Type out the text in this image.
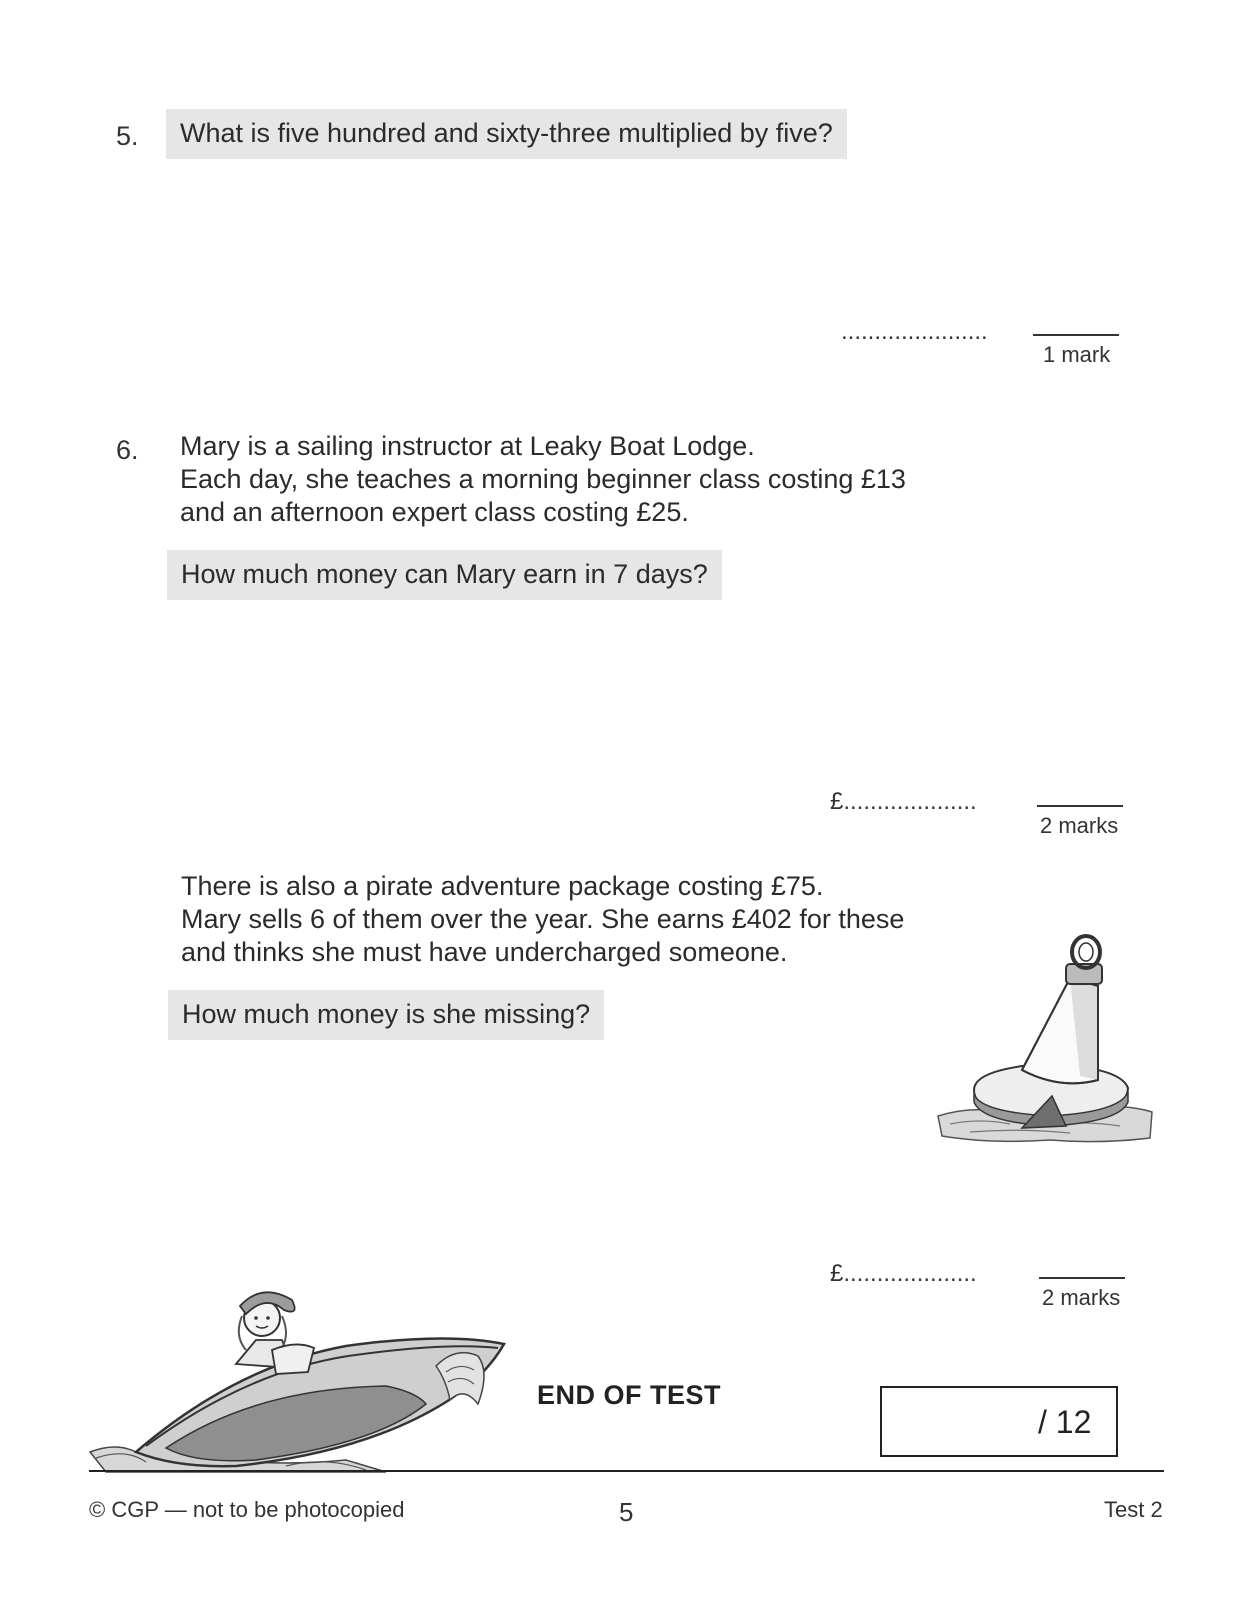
5.	What is five hundred and sixty-three multiplied by five?
......................
1 mark
6. Mary is a sailing instructor at Leaky Boat Lodge.
Each day, she teaches a morning beginner class costing £13
and an afternoon expert class costing £25.
How much money can Mary earn in 7 days?
£....................
2 marks
There is also a pirate adventure package costing £75.
Mary sells 6 of them over the year. She earns £402 for these
and thinks she must have undercharged someone.
How much money is she missing?
£....................
2 marks
END OF TEST
/ 12
© CGP — not to be photocopied	5	Test 2
